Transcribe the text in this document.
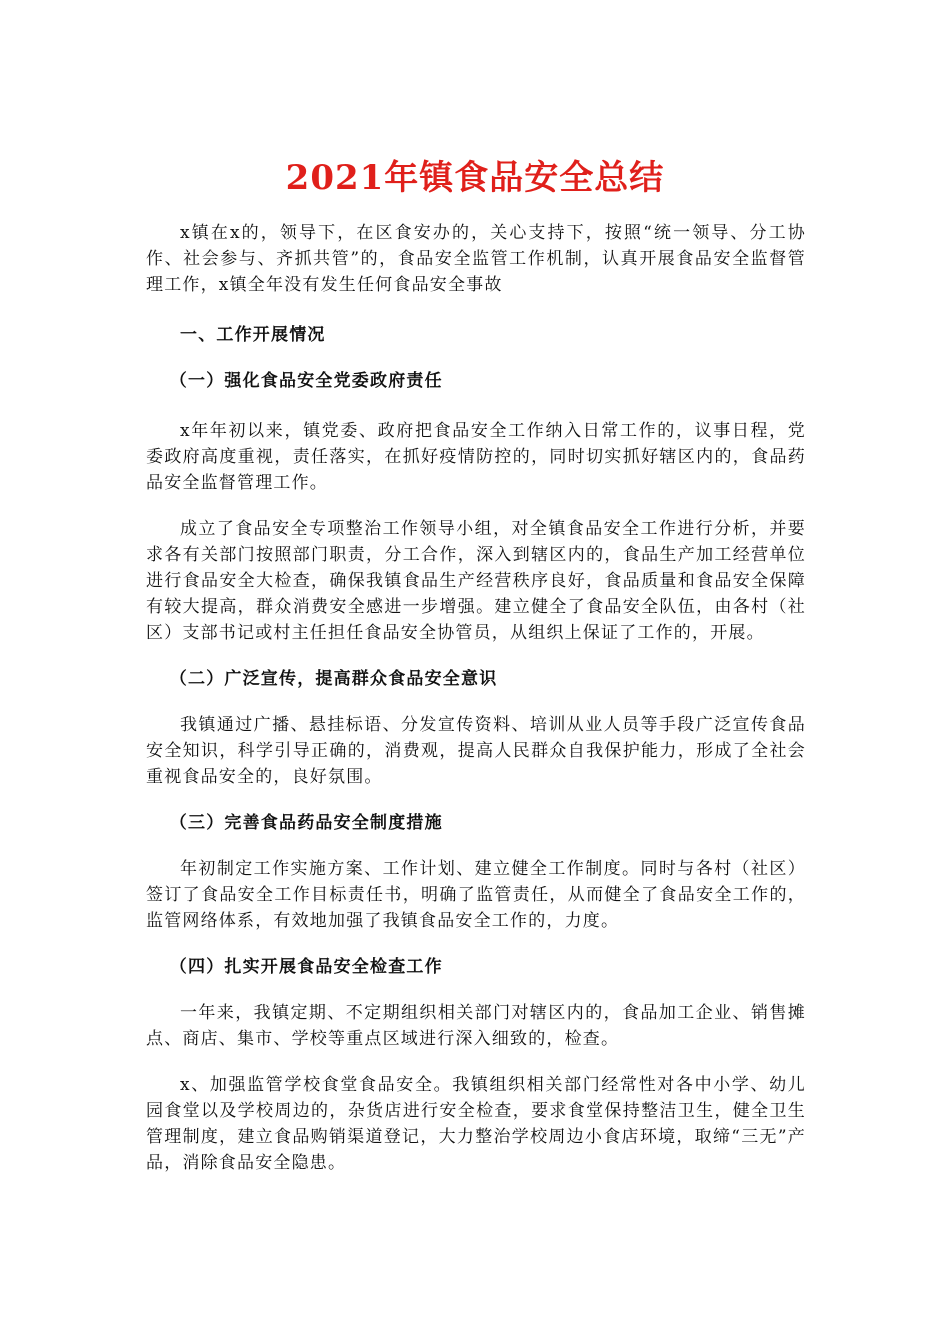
2021年镇食品安全总结

x镇在x的，领导下，在区食安办的，关心支持下，按照“统一领导、分工协作、社会参与、齐抓共管”的，食品安全监管工作机制，认真开展食品安全监督管理工作，x镇全年没有发生任何食品安全事故

一、工作开展情况

（一）强化食品安全党委政府责任

x年年初以来，镇党委、政府把食品安全工作纳入日常工作的，议事日程，党委政府高度重视，责任落实，在抓好疫情防控的，同时切实抓好辖区内的，食品药品安全监督管理工作。

成立了食品安全专项整治工作领导小组，对全镇食品安全工作进行分析，并要求各有关部门按照部门职责，分工合作，深入到辖区内的，食品生产加工经营单位进行食品安全大检查，确保我镇食品生产经营秩序良好，食品质量和食品安全保障有较大提高，群众消费安全感进一步增强。建立健全了食品安全队伍，由各村（社区）支部书记或村主任担任食品安全协管员，从组织上保证了工作的，开展。

（二）广泛宣传，提高群众食品安全意识

我镇通过广播、悬挂标语、分发宣传资料、培训从业人员等手段广泛宣传食品安全知识，科学引导正确的，消费观，提高人民群众自我保护能力，形成了全社会重视食品安全的，良好氛围。

（三）完善食品药品安全制度措施

年初制定工作实施方案、工作计划、建立健全工作制度。同时与各村（社区）签订了食品安全工作目标责任书，明确了监管责任，从而健全了食品安全工作的，监管网络体系，有效地加强了我镇食品安全工作的，力度。

（四）扎实开展食品安全检查工作

一年来，我镇定期、不定期组织相关部门对辖区内的，食品加工企业、销售摊点、商店、集市、学校等重点区域进行深入细致的，检查。

x、加强监管学校食堂食品安全。我镇组织相关部门经常性对各中小学、幼儿园食堂以及学校周边的，杂货店进行安全检查，要求食堂保持整洁卫生，健全卫生管理制度，建立食品购销渠道登记，大力整治学校周边小食店环境，取缔“三无”产品，消除食品安全隐患。
